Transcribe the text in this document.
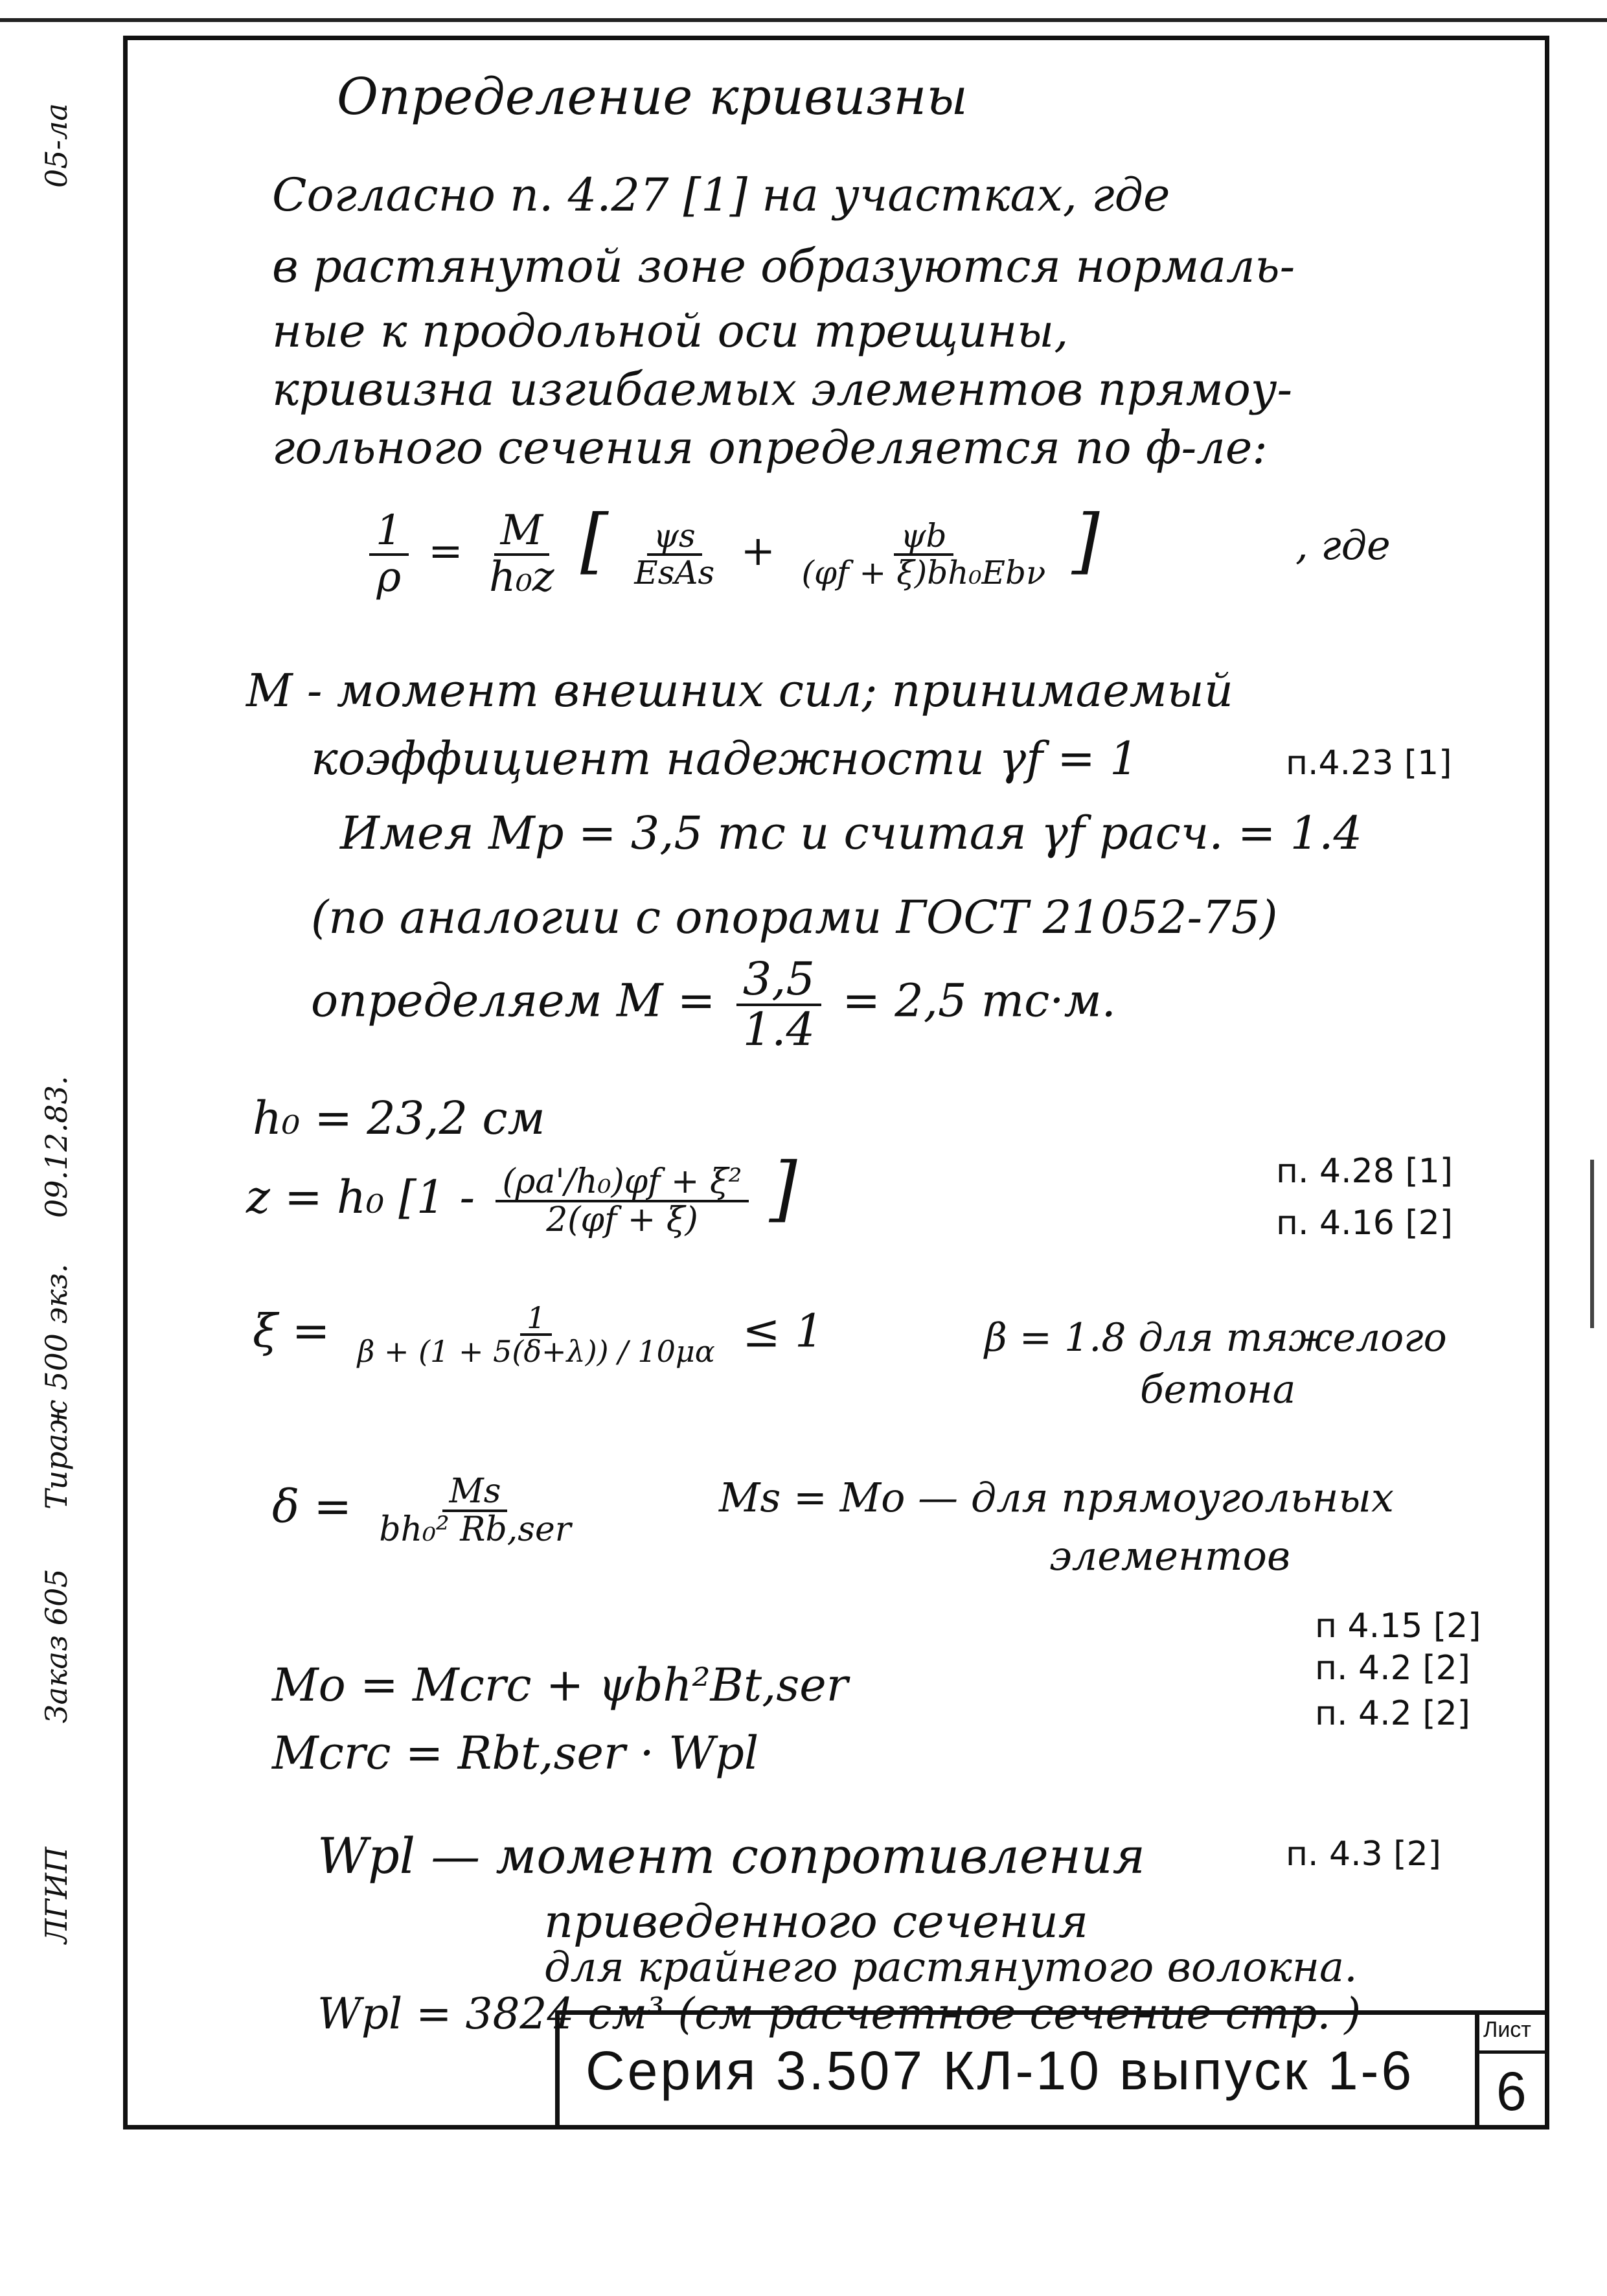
05-ла
09.12.83.
Тираж 500 экз.
Заказ 605
ЛГИП
Определение кривизны
Согласно п. 4.27 [1] на участках, где
в растянутой зоне образуются нормаль-
ные к продольной оси трещины,
кривизна изгибаемых элементов прямоу-
гольного сечения определяется по ф-ле:
$\frac{1}{\rho} = \frac{M}{\text{h₀z}}$ [ $\frac{\psi s}{\text{EsAs}} + \frac{\psi b}{\text{(φf + ξ)bh₀Ebν}}$ ]	, где
M - момент внешних сил; принимаемый
коэффициент надежности γf = 1	п.4.23 [1]
Имея Mp = 3,5 тс и считая γf расч. = 1.4
(по аналогии с опорами ГОСТ 21052-75)
определяем $M = \frac{3,5}{1.4} = 2,5$ тс·м.
h₀ = 23,2 см
z = h₀ [$1 - \frac{\text{(ρa'/h₀)φf + ξ²}}{2(\varphi f + \xi)}$ ]	п. 4.28 [1]
п. 4.16 [2]
$\xi = \frac{1}{\beta + (1 + 5(\delta+\lambda)) / 10\mu\alpha} \le 1$	β = 1.8 для тяжелого
бетона
$\delta = \frac{Ms}{\text{bh₀² Rb,ser}}$	Ms = Mo — для прямоугольных
элементов
Mo = Mcrc + ψbh²Bt,ser
п 4.15 [2]
п. 4.2 [2]
п. 4.2 [2]
Mcrc = Rbt,ser · Wpl
Wpl — момент сопротивления	п. 4.3 [2]
приведенного сечения
для крайнего растянутого волокна.
Wpl = 3824 см³ (см расчетное сечение стр. )
Серия 3.507 КЛ-10 выпуск 1-6
Лист
6
